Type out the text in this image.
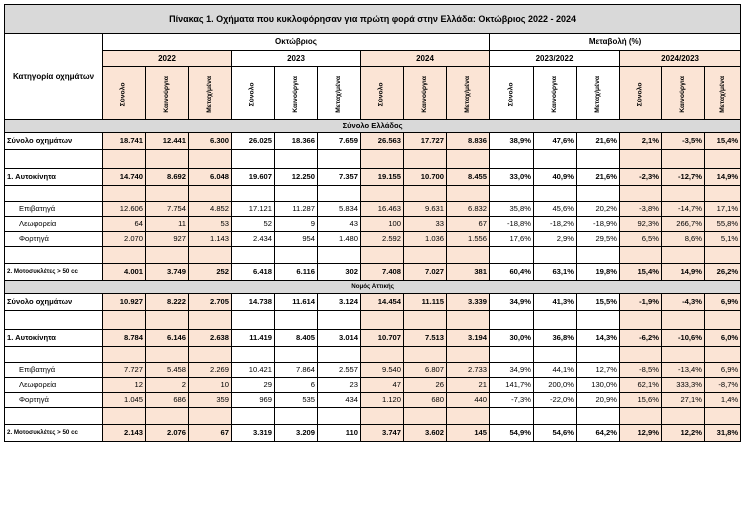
Πίνακας 1. Οχήματα που κυκλοφόρησαν για πρώτη φορά στην Ελλάδα: Οκτώβριος 2022 - 2024															
Κατηγορία οχημάτων	Οκτώβριος									Μεταβολή (%)					
	2022			2023			2024			2023/2022			2024/2023		
	Σύνολο	Καινούργια	Μεταχ/μένα	Σύνολο	Καινούργια	Μεταχ/μένα	Σύνολο	Καινούργια	Μεταχ/μένα	Σύνολο	Καινούργια	Μεταχ/μένα	Σύνολο	Καινούργια	Μεταχ/μένα
Σύνολο Ελλάδος															
Σύνολο οχημάτων	18.741	12.441	6.300	26.025	18.366	7.659	26.563	17.727	8.836	38,9%	47,6%	21,6%	2,1%	-3,5%	15,4%

1. Αυτοκίνητα	14.740	8.692	6.048	19.607	12.250	7.357	19.155	10.700	8.455	33,0%	40,9%	21,6%	-2,3%	-12,7%	14,9%

Επιβατηγά	12.606	7.754	4.852	17.121	11.287	5.834	16.463	9.631	6.832	35,8%	45,6%	20,2%	-3,8%	-14,7%	17,1%
Λεωφορεία	64	11	53	52	9	43	100	33	67	-18,8%	-18,2%	-18,9%	92,3%	266,7%	55,8%
Φορτηγά	2.070	927	1.143	2.434	954	1.480	2.592	1.036	1.556	17,6%	2,9%	29,5%	6,5%	8,6%	5,1%

2. Μοτοσυκλέτες > 50 cc	4.001	3.749	252	6.418	6.116	302	7.408	7.027	381	60,4%	63,1%	19,8%	15,4%	14,9%	26,2%
Νομός Αττικής															
Σύνολο οχημάτων	10.927	8.222	2.705	14.738	11.614	3.124	14.454	11.115	3.339	34,9%	41,3%	15,5%	-1,9%	-4,3%	6,9%

1. Αυτοκίνητα	8.784	6.146	2.638	11.419	8.405	3.014	10.707	7.513	3.194	30,0%	36,8%	14,3%	-6,2%	-10,6%	6,0%

Επιβατηγά	7.727	5.458	2.269	10.421	7.864	2.557	9.540	6.807	2.733	34,9%	44,1%	12,7%	-8,5%	-13,4%	6,9%
Λεωφορεία	12	2	10	29	6	23	47	26	21	141,7%	200,0%	130,0%	62,1%	333,3%	-8,7%
Φορτηγά	1.045	686	359	969	535	434	1.120	680	440	-7,3%	-22,0%	20,9%	15,6%	27,1%	1,4%

2. Μοτοσυκλέτες > 50 cc	2.143	2.076	67	3.319	3.209	110	3.747	3.602	145	54,9%	54,6%	64,2%	12,9%	12,2%	31,8%
